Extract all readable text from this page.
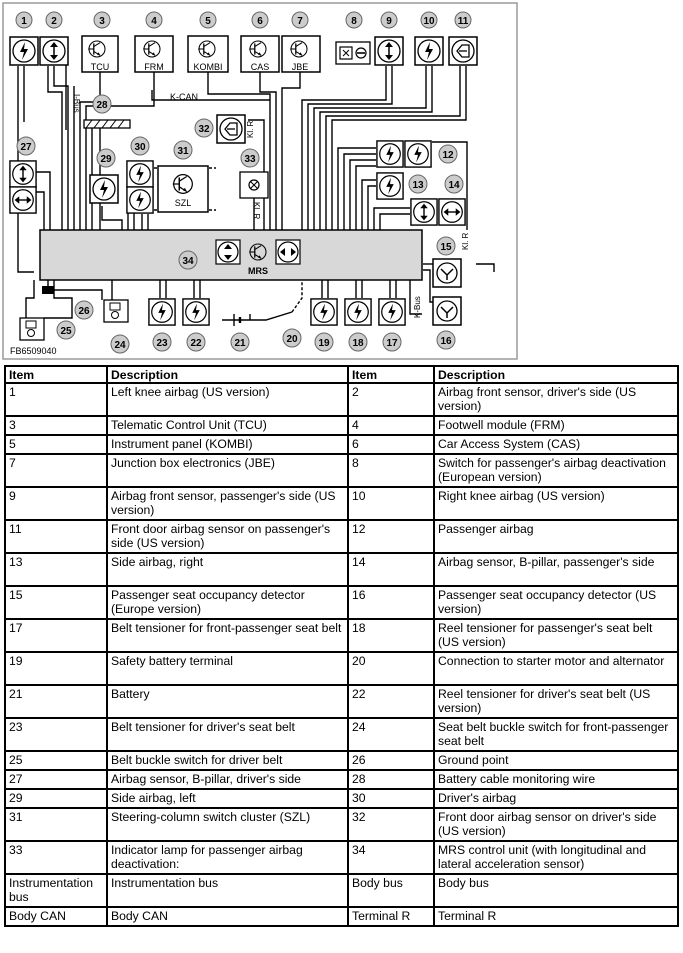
I-Bus	K-CAN
Kl. R
Kl. R
Kl. R
K-Bus
TCU	FRM	KOMBI	CAS JBE
SZL
MRS
1 2	3	4	5	6	7	8	9	10 11
12
13 14
15
16
17
18
19
20
21
22
23
24
25
26
27
28
29
30	31
32
33
34
FB6509040
Item	Description	Item	Description
1	Left knee airbag (US version)	2	Airbag front sensor, driver's side (US version)
3	Telematic Control Unit (TCU)	4	Footwell module (FRM)
5	Instrument panel (KOMBI)	6	Car Access System (CAS)
7	Junction box electronics (JBE)	8	Switch for passenger's airbag deactivation (European version)
9	Airbag front sensor, passenger's side (US version)	10	Right knee airbag (US version)
11	Front door airbag sensor on passenger's side (US version)	12	Passenger airbag
13	Side airbag, right	14	Airbag sensor, B-pillar, passenger's side
15	Passenger seat occupancy detector (Europe version)	16	Passenger seat occupancy detector (US version)
17	Belt tensioner for front-passenger seat belt	18	Reel tensioner for passenger's seat belt (US version)
19	Safety battery terminal	20	Connection to starter motor and alternator
21	Battery	22	Reel tensioner for driver's seat belt (US version)
23	Belt tensioner for driver's seat belt	24	Seat belt buckle switch for front-passenger seat belt
25	Belt buckle switch for driver belt	26	Ground point
27	Airbag sensor, B-pillar, driver's side	28	Battery cable monitoring wire
29	Side airbag, left	30	Driver's airbag
31	Steering-column switch cluster (SZL)	32	Front door airbag sensor on driver's side (US version)
33	Indicator lamp for passenger airbag deactivation:	34	MRS control unit (with longitudinal and lateral acceleration sensor)
Instrumentation bus	Instrumentation bus	Body bus	Body bus
Body CAN	Body CAN	Terminal R	Terminal R
